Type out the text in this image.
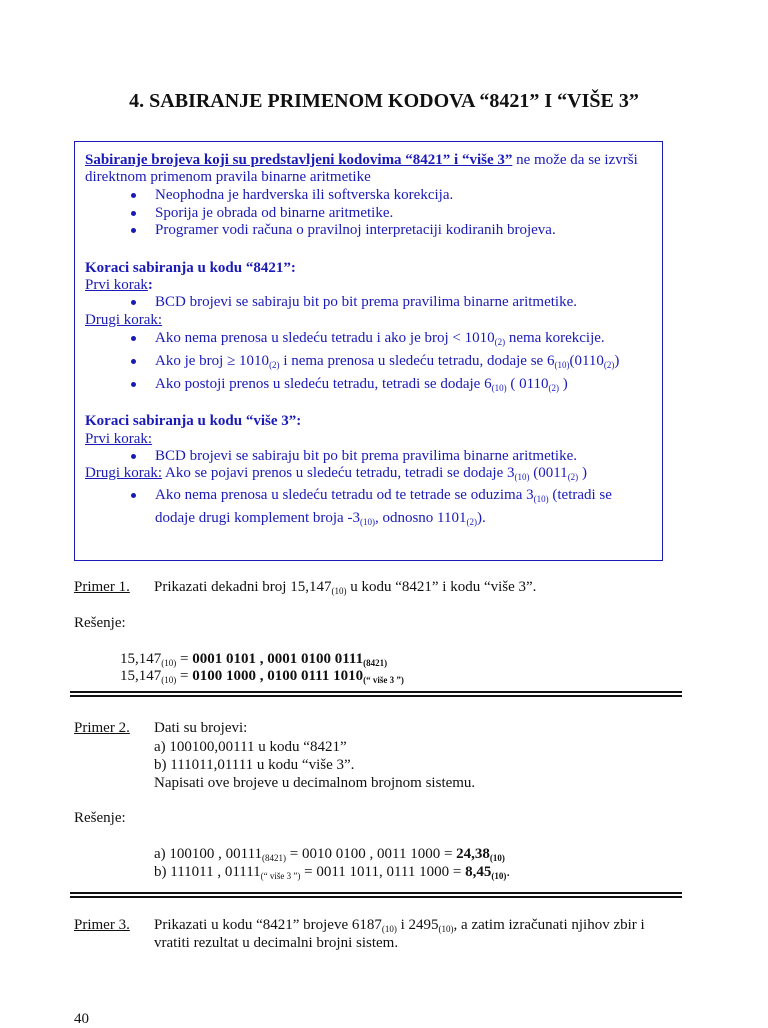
4. SABIRANJE PRIMENOM KODOVA “8421” I “VIŠE 3”
Sabiranje brojeva koji su predstavljeni kodovima “8421” i “više 3” ne može da se izvrši
direktnom primenom pravila binarne aritmetike
Neophodna je hardverska ili softverska korekcija.
Sporija je obrada od binarne aritmetike.
Programer vodi računa o pravilnoj interpretaciji kodiranih brojeva.
Koraci sabiranja u kodu “8421”:
Prvi korak:
BCD brojevi se sabiraju bit po bit prema pravilima binarne aritmetike.
Drugi korak:
Ako nema prenosa u sledeću tetradu i ako je broj < $1010_{(2)}$ nema korekcije.
Ako je broj ≥ $1010_{(2)}$ i nema prenosa u sledeću tetradu, dodaje se $6_{(10)}(0110_{(2)})$
Ako postoji prenos u sledeću tetradu, tetradi se dodaje $6_{(10)}$ ( $0110_{(2)}$ )
Koraci sabiranja u kodu “više 3”:
Prvi korak:
BCD brojevi se sabiraju bit po bit prema pravilima binarne aritmetike.
Drugi korak: Ako se pojavi prenos u sledeću tetradu, tetradi se dodaje $3_{(10)}$ ($0011_{(2)}$ )
Ako nema prenosa u sledeću tetradu od te tetrade se oduzima $3_{(10)}$ (tetradi se
dodaje drugi komplement broja $-3_{(10)}$, odnosno $1101_{(2)}$).
Primer 1. Prikazati dekadni broj $15,147_{(10)}$ u kodu “8421” i kodu “više 3”.
Rešenje:
$15,147_{(10)} = 0001$ 0101 , 0001 0100 $0111_{(8421)}$
$15,147_{(10)} = 0100$ 1000 , 0100 0111 $1010_{(“ više 3 ”)}$
Primer 2. Dati su brojevi:
a) 100100,00111 u kodu “8421”
b) 111011,01111 u kodu “više 3”.
Napisati ove brojeve u decimalnom brojnom sistemu.
Rešenje:
a) 100100 , $00111_{(8421)} = 0010$ 0100 , 0011 $1000 = 24,38_{(10)}$
b) 111011 , $01111_{(“ više 3 ”)} = 0011$ 1011, 0111 $1000 = 8,45_{(10)}$.
Primer 3. Prikazati u kodu “8421” brojeve $6187_{(10)}$ i $2495_{(10)}$, a zatim izračunati njihov zbir i
vratiti rezultat u decimalni brojni sistem.
40
